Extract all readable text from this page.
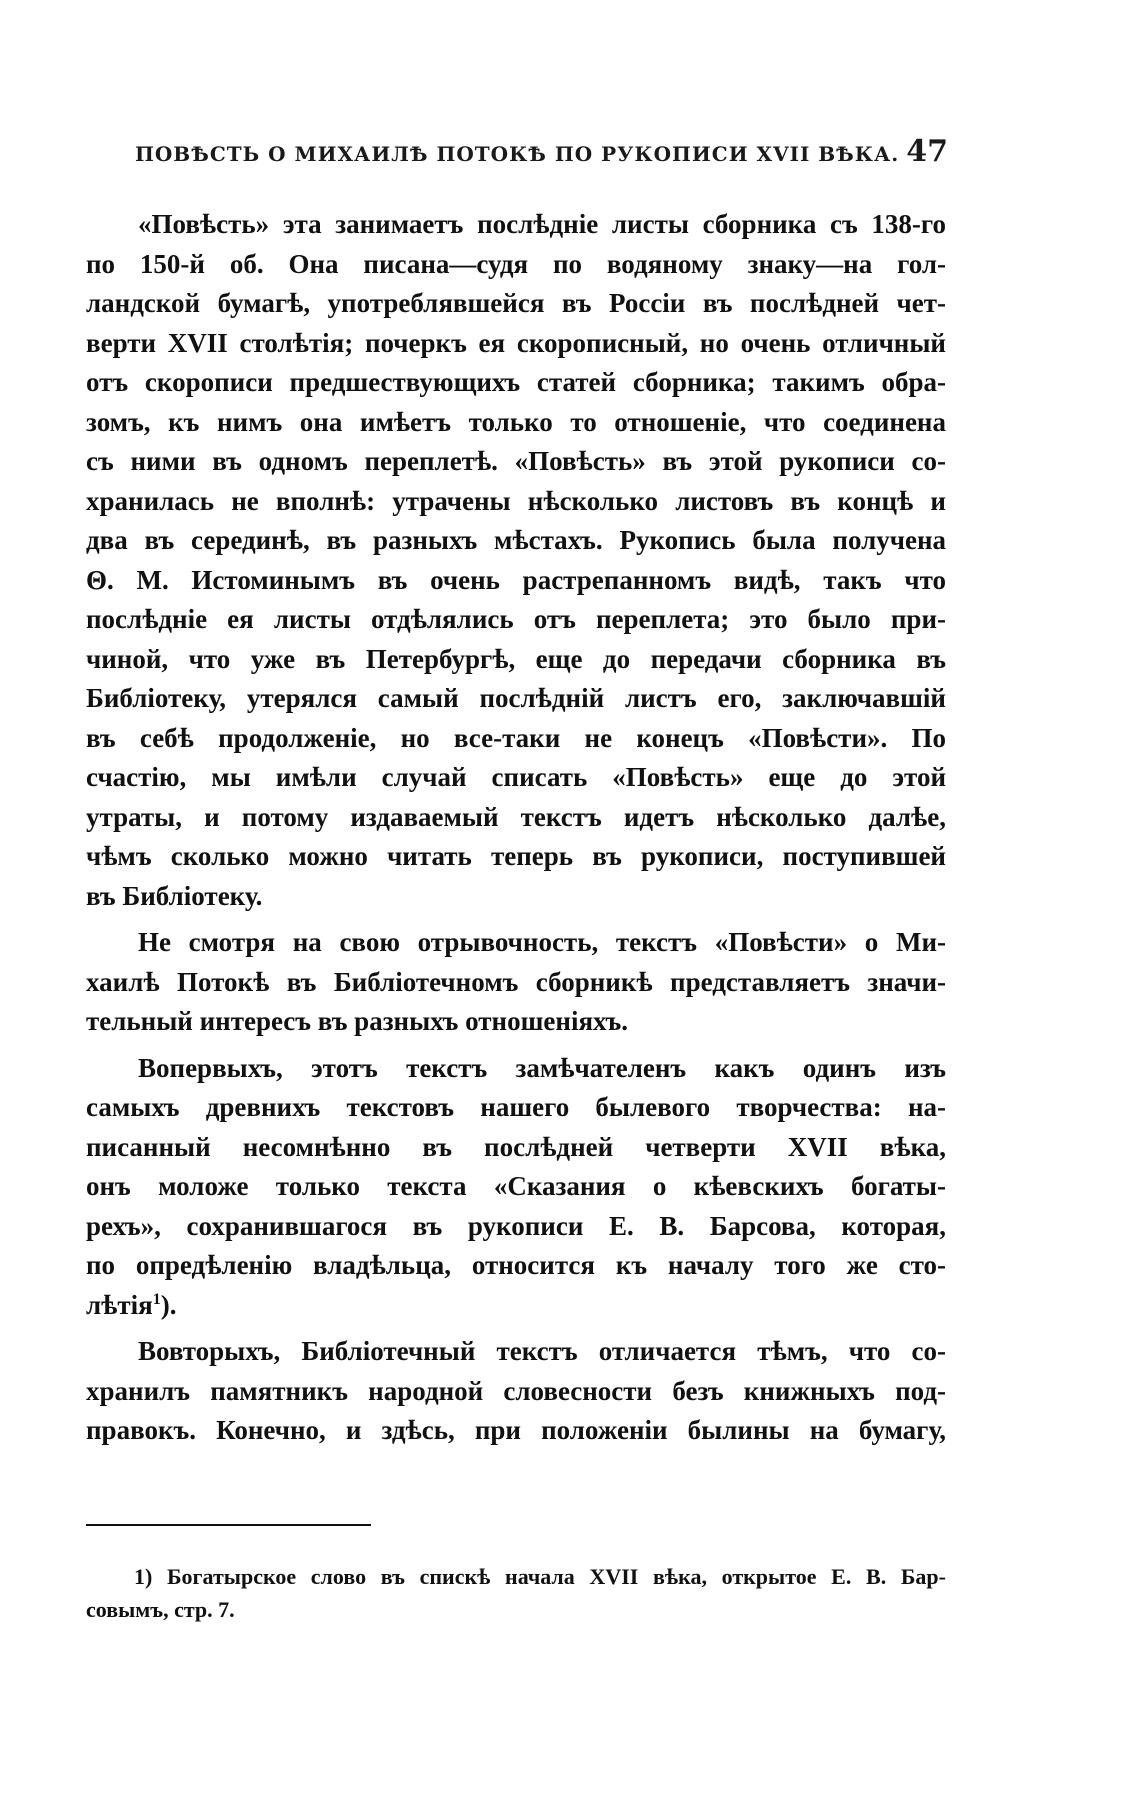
ПОВѢСТЬ О МИХАИЛѢ ПОТОКѢ ПО РУКОПИСИ XVII ВѢКА. 47
«Повѣсть» эта занимаетъ послѣдніе листы сборника съ 138-го
по 150-й об. Она писана—судя по водяному знаку—на гол-
ландской бумагѣ, употреблявшейся въ Россіи въ послѣдней чет-
верти XVII столѣтія; почеркъ ея скорописный, но очень отличный
отъ скорописи предшествующихъ статей сборника; такимъ обра-
зомъ, къ нимъ она имѣетъ только то отношеніе, что соединена
съ ними въ одномъ переплетѣ. «Повѣсть» въ этой рукописи со-
хранилась не вполнѣ: утрачены нѣсколько листовъ въ концѣ и
два въ серединѣ, въ разныхъ мѣстахъ. Рукопись была получена
Θ. М. Истоминымъ въ очень растрепанномъ видѣ, такъ что
послѣдніе ея листы отдѣлялись отъ переплета; это было при-
чиной, что уже въ Петербургѣ, еще до передачи сборника въ
Библіотеку, утерялся самый послѣдній листъ его, заключавшій
въ себѣ продолженіе, но все-таки не конецъ «Повѣсти». По
счастію, мы имѣли случай списать «Повѣсть» еще до этой
утраты, и потому издаваемый текстъ идетъ нѣсколько далѣе,
чѣмъ сколько можно читать теперь въ рукописи, поступившей
въ Библіотеку.
Не смотря на свою отрывочность, текстъ «Повѣсти» о Ми-
хаилѣ Потокѣ въ Библіотечномъ сборникѣ представляетъ значи-
тельный интересъ въ разныхъ отношеніяхъ.
Вопервыхъ, этотъ текстъ замѣчателенъ какъ одинъ изъ
самыхъ древнихъ текстовъ нашего былевого творчества: на-
писанный несомнѣнно въ послѣдней четверти XVII вѣка,
онъ моложе только текста «Сказания о кѣевскихъ богаты-
рехъ», сохранившагося въ рукописи Е. В. Барсова, которая,
по опредѣленію владѣльца, относится къ началу того же сто-
лѣтія$^1$).
Вовторыхъ, Библіотечный текстъ отличается тѣмъ, что со-
хранилъ памятникъ народной словесности безъ книжныхъ под-
правокъ. Конечно, и здѣсь, при положеніи былины на бумагу,
1) Богатырское слово въ спискѣ начала XVII вѣка, открытое Е. В. Бар-
совымъ, стр. 7.
